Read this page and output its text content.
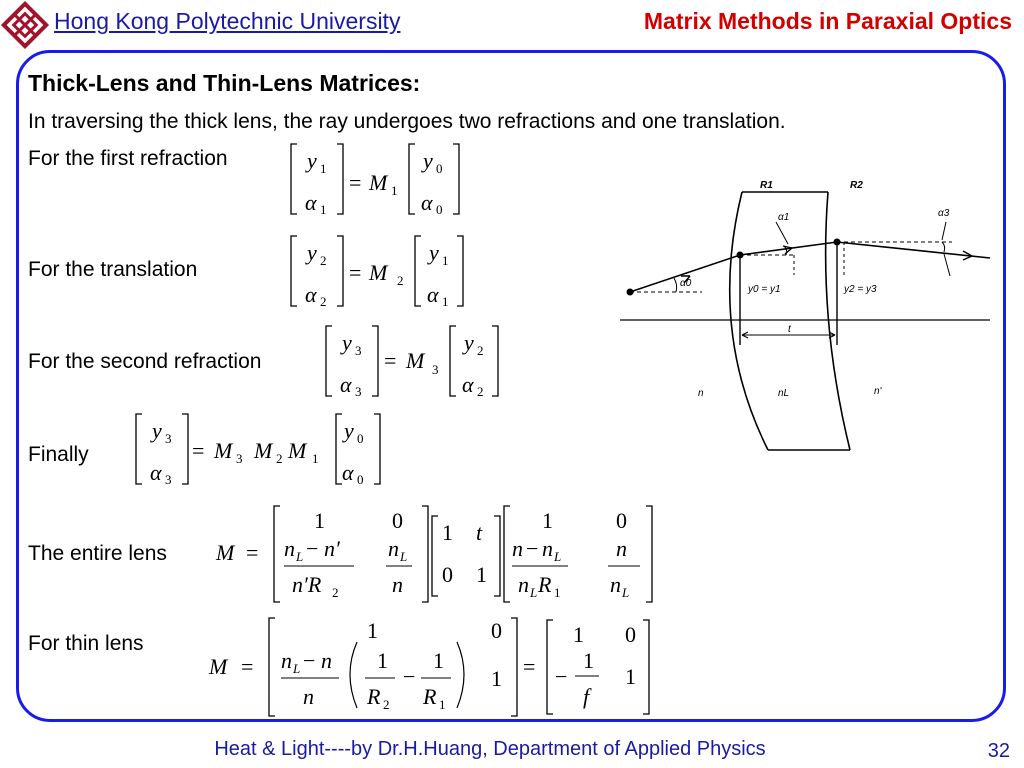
Hong Kong Polytechnic University	Matrix Methods in Paraxial Optics
Thick-Lens and Thin-Lens Matrices:
In traversing the thick lens, the ray undergoes two refractions and one translation.
For the first refraction
For the translation
For the second refraction
Finally
The entire lens
For thin lens
y 1
α 1
= M 1
y 0
α 0
y 2
α 2
= M 2
y 1
α 1
y 3
α 3
= M 3
y 2
α 2
y 3
α 3
= M 3 M 2 M 1
y 0
α 0
M =
1	0
n L − n′
n′R 2
n L
n
1 t
0 1
1	0
n − n L
n L R 1
n
n L
M =
1	0
n L − n
n
1
R 2
−
1
R 1
1 =
1 0
−
1
f
1
R1	R2
α1	α3
α0
y0 = y1	y2 = y3
t
n	nL	n'
Heat & Light----by Dr.H.Huang, Department of Applied Physics	32
